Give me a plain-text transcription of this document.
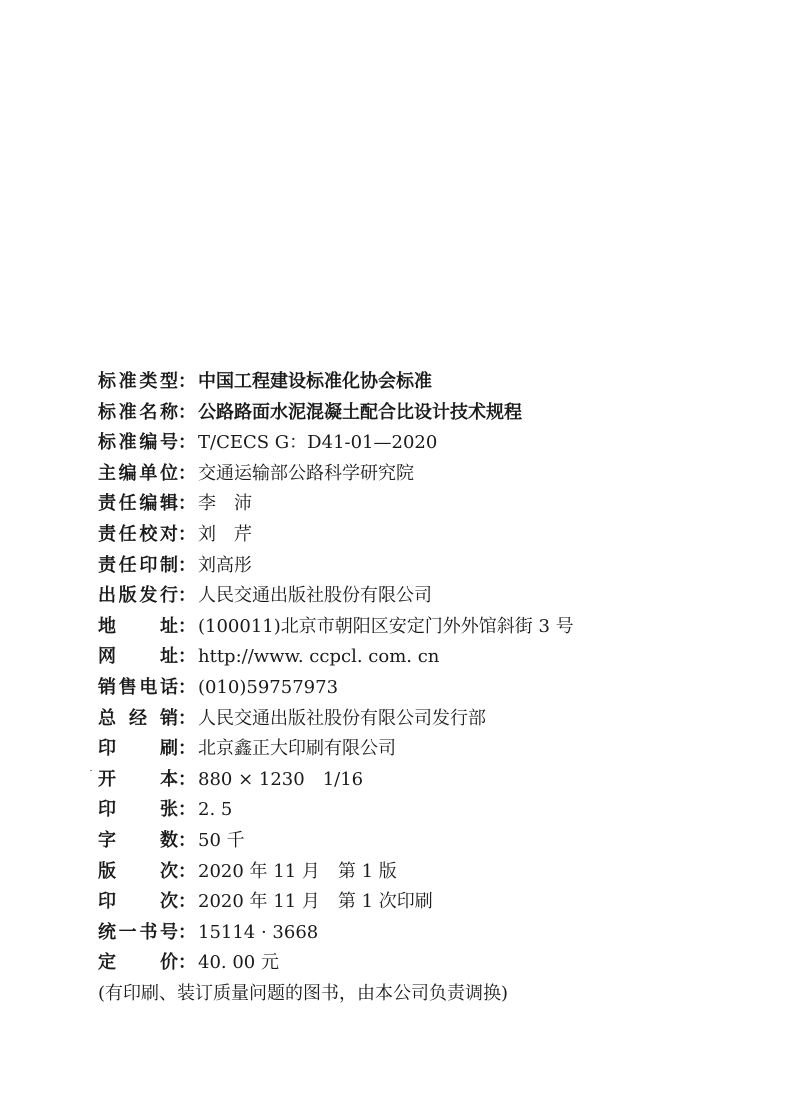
标准类型 ： 中国工程建设标准化协会标准
标准名称 ： 公路路面水泥混凝土配合比设计技术规程
标准编号 ： T/CECS G：D41-01—2020
主编单位 ： 交通运输部公路科学研究院
责任编辑 ： 李　沛
责任校对 ： 刘　芹
责任印制 ： 刘高彤
出版发行 ： 人民交通出版社股份有限公司
地　　址 ： (100011)北京市朝阳区安定门外外馆斜街 3 号
网　　址 ： http://www. ccpcl. com. cn
销售电话 ： (010)59757973
总 经 销 ： 人民交通出版社股份有限公司发行部
印　　刷 ： 北京鑫正大印刷有限公司
开　　本 ： 880 × 1230　1/16
印　　张 ： 2. 5
字　　数 ： 50 千
版　　次 ： 2020 年 11 月　第 1 版
印　　次 ： 2020 年 11 月　第 1 次印刷
统一书号 ： 15114 · 3668
定　　价 ： 40. 00 元
(有印刷、装订质量问题的图书，由本公司负责调换)
